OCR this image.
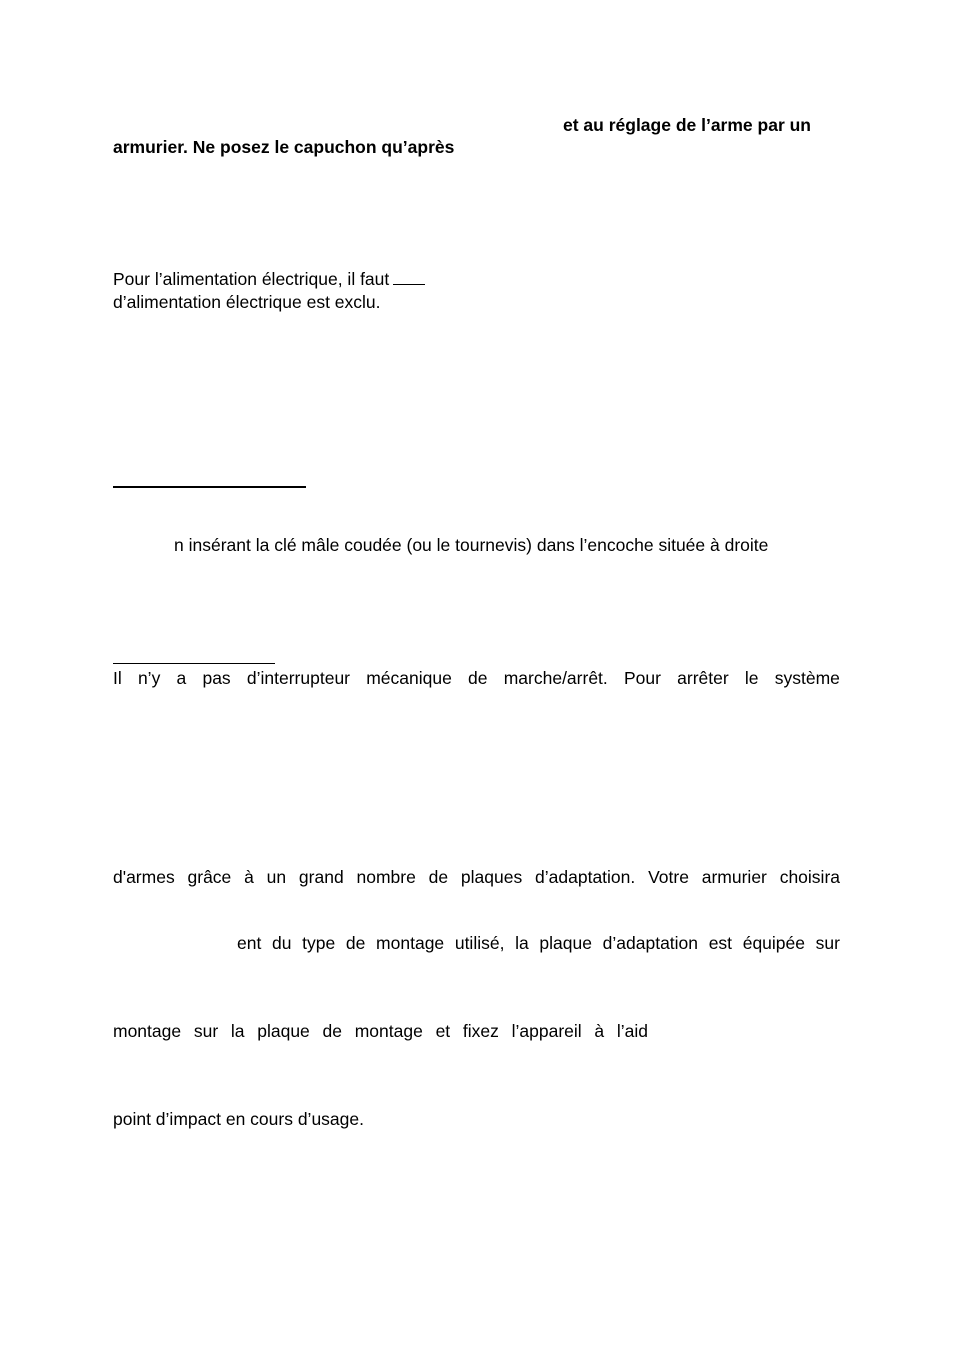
et au réglage de l’arme par un
armurier. Ne posez le capuchon qu’après
Pour l’alimentation électrique, il faut
d’alimentation électrique est exclu.
n insérant la clé mâle coudée (ou le tournevis) dans l’encoche située à droite
Il n’y a pas d’interrupteur mécanique de marche/arrêt. Pour arrêter le système
d'armes grâce à un grand nombre de plaques d’adaptation. Votre armurier choisira
ent du type de montage utilisé, la plaque d’adaptation est équipée sur
montage sur la plaque de montage et fixez l’appareil à l’aid
point d’impact en cours d’usage.
